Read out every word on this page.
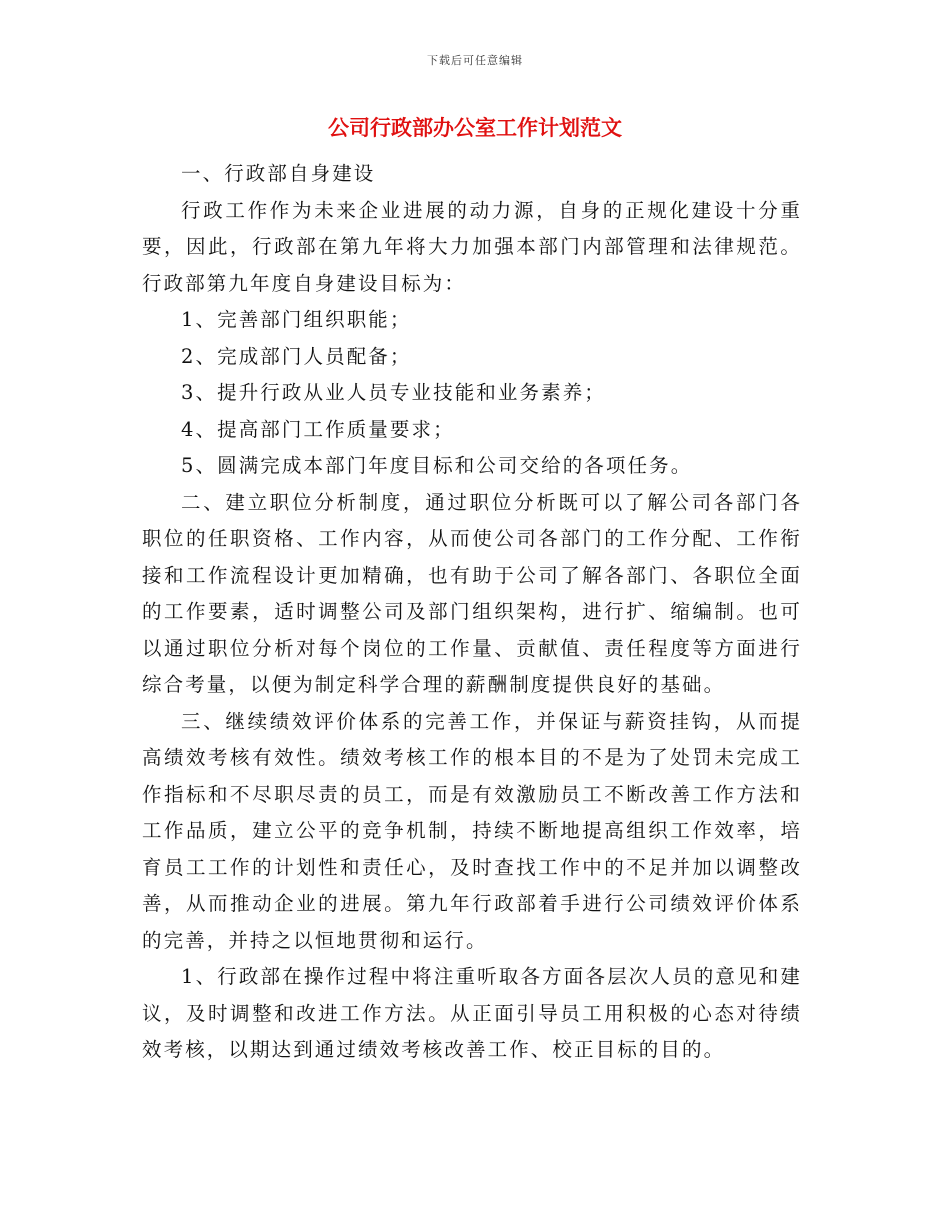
下载后可任意编辑
公司行政部办公室工作计划范文

一、行政部自身建设

行政工作作为未来企业进展的动力源，自身的正规化建设十分重要，因此，行政部在第九年将大力加强本部门内部管理和法律规范。行政部第九年度自身建设目标为：

1、完善部门组织职能；

2、完成部门人员配备；

3、提升行政从业人员专业技能和业务素养；

4、提高部门工作质量要求；

5、圆满完成本部门年度目标和公司交给的各项任务。

二、建立职位分析制度，通过职位分析既可以了解公司各部门各职位的任职资格、工作内容，从而使公司各部门的工作分配、工作衔接和工作流程设计更加精确，也有助于公司了解各部门、各职位全面的工作要素，适时调整公司及部门组织架构，进行扩、缩编制。也可以通过职位分析对每个岗位的工作量、贡献值、责任程度等方面进行综合考量，以便为制定科学合理的薪酬制度提供良好的基础。

三、继续绩效评价体系的完善工作，并保证与薪资挂钩，从而提高绩效考核有效性。绩效考核工作的根本目的不是为了处罚未完成工作指标和不尽职尽责的员工，而是有效激励员工不断改善工作方法和工作品质，建立公平的竞争机制，持续不断地提高组织工作效率，培育员工工作的计划性和责任心，及时查找工作中的不足并加以调整改善，从而推动企业的进展。第九年行政部着手进行公司绩效评价体系的完善，并持之以恒地贯彻和运行。

1、行政部在操作过程中将注重听取各方面各层次人员的意见和建议，及时调整和改进工作方法。从正面引导员工用积极的心态对待绩效考核，以期达到通过绩效考核改善工作、校正目标的目的。
